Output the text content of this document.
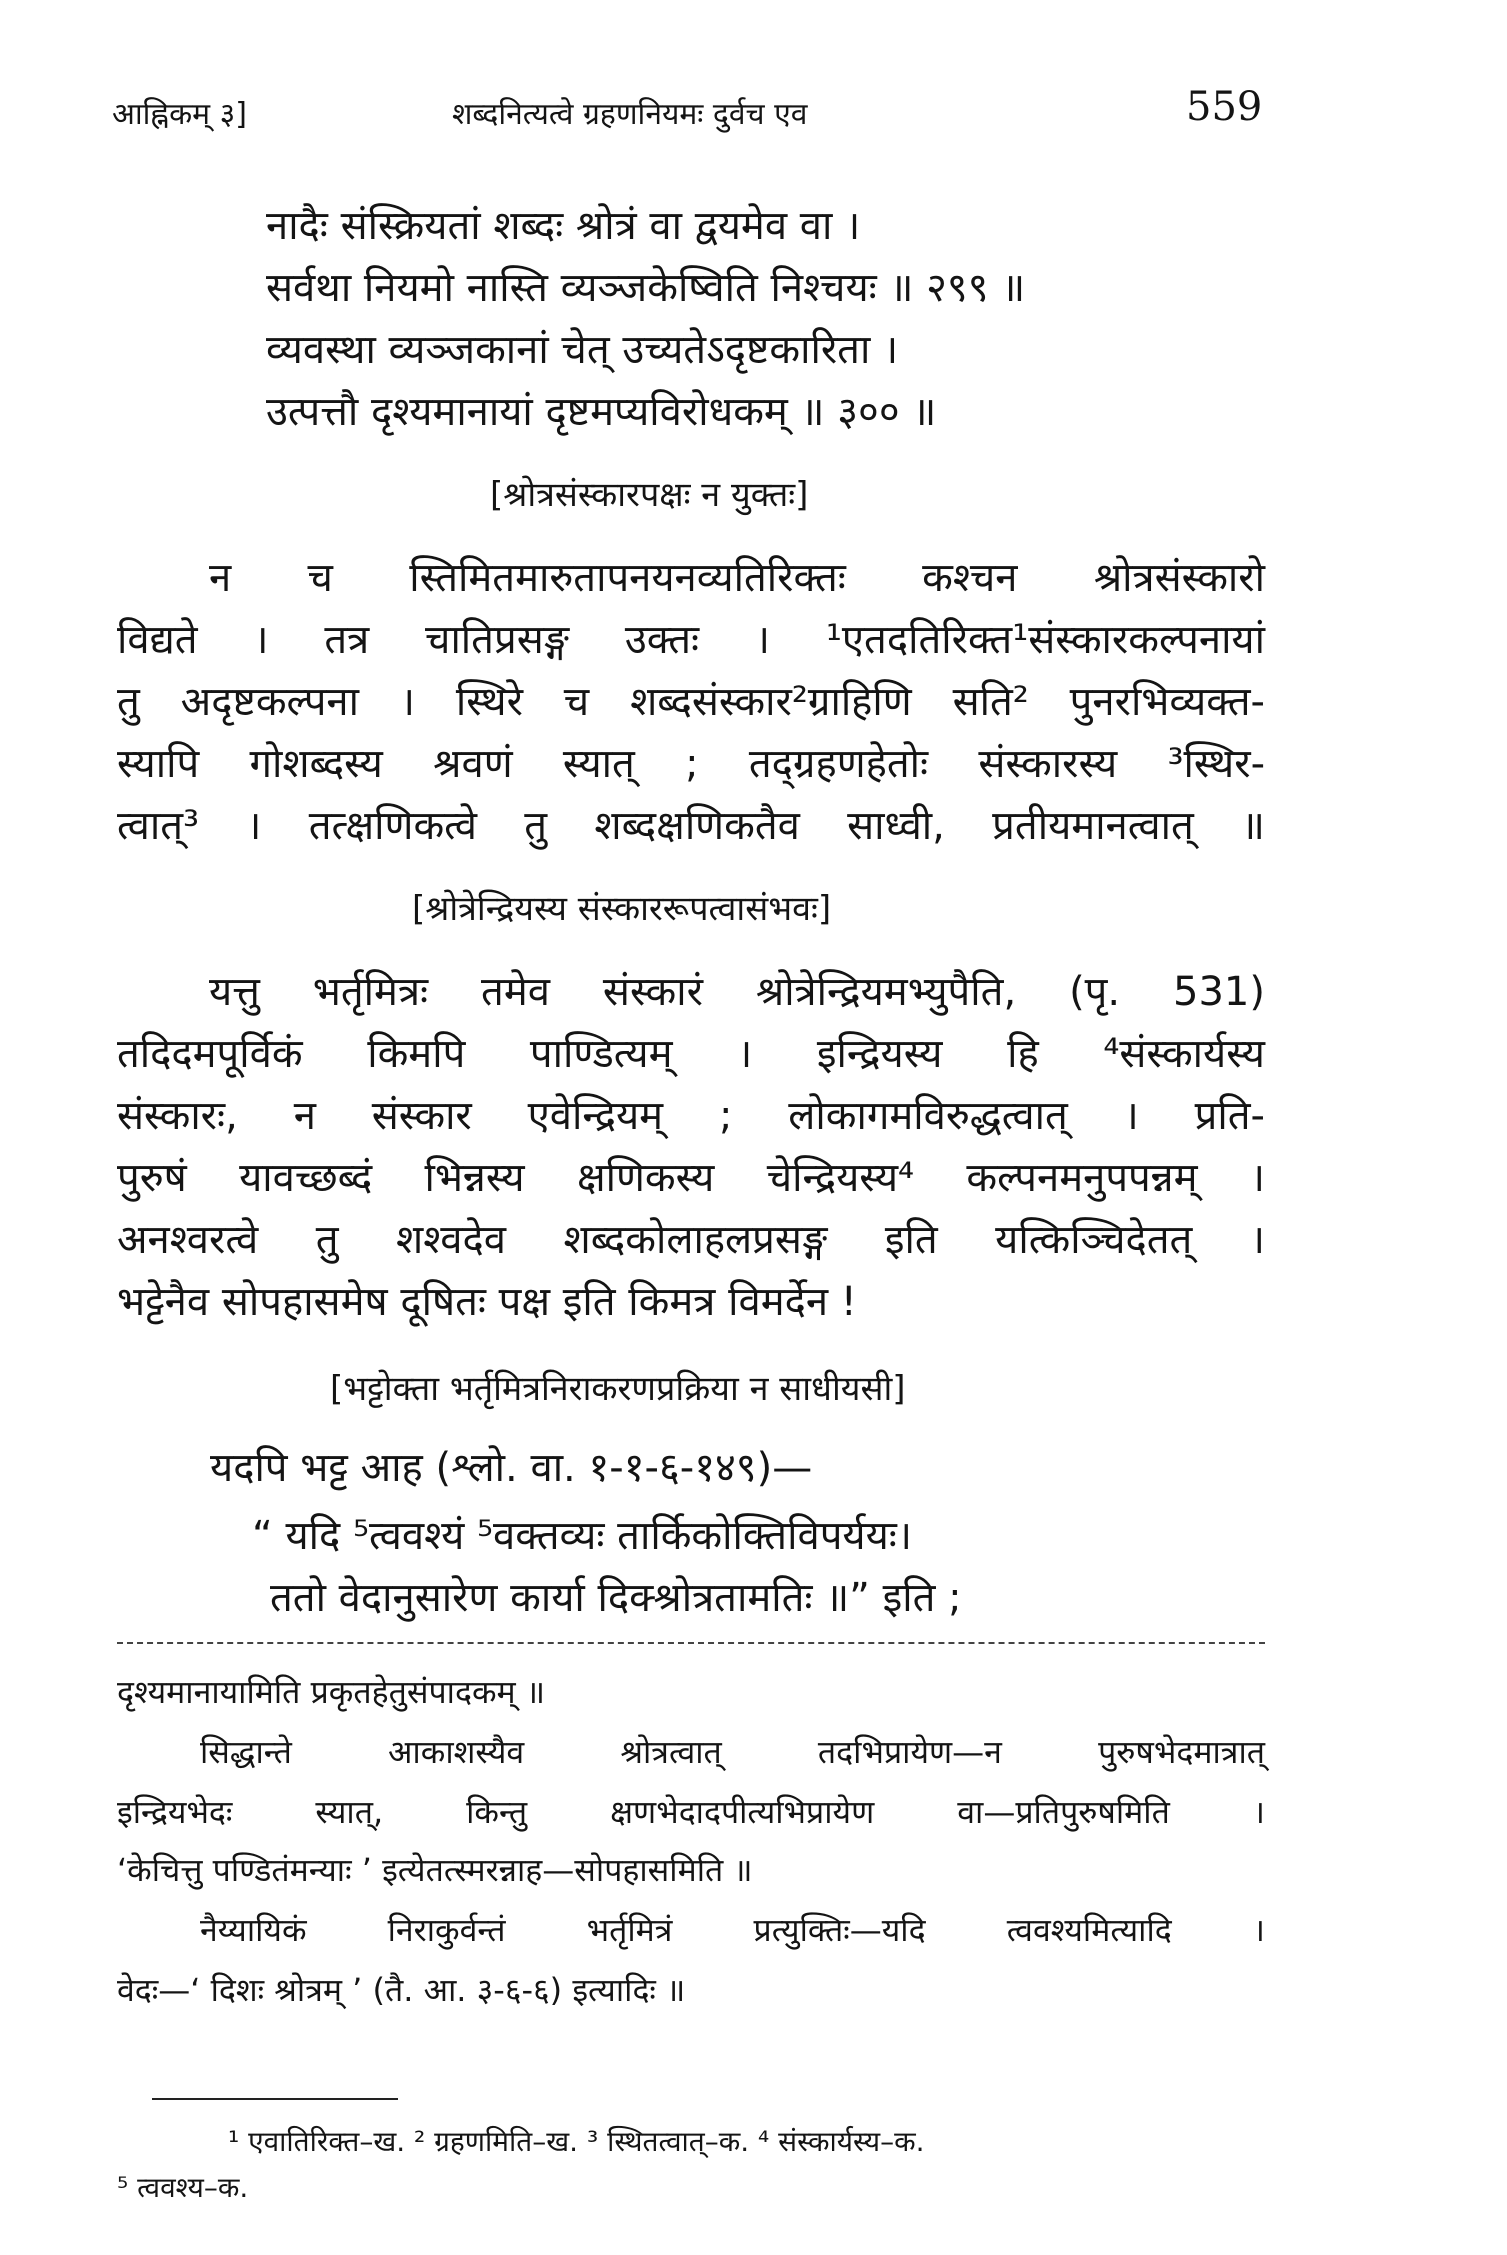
आह्निकम् ३]	शब्दनित्यत्वे ग्रहणनियमः दुर्वच एव	559
नादैः संस्क्रियतां शब्दः श्रोत्रं वा द्वयमेव वा ।
सर्वथा नियमो नास्ति व्यञ्जकेष्विति निश्चयः ॥ २९९ ॥
व्यवस्था व्यञ्जकानां चेत् उच्यतेऽदृष्टकारिता ।
उत्पत्तौ दृश्यमानायां दृष्टमप्यविरोधकम् ॥ ३०० ॥
[श्रोत्रसंस्कारपक्षः न युक्तः]
न च स्तिमितमारुतापनयनव्यतिरिक्तः कश्चन श्रोत्रसंस्कारो
विद्यते । तत्र चातिप्रसङ्ग उक्तः । ¹एतदतिरिक्त¹संस्कारकल्पनायां
तु अदृष्टकल्पना । स्थिरे च शब्दसंस्कार²ग्राहिणि सति² पुनरभिव्यक्त-
स्यापि गोशब्दस्य श्रवणं स्यात् ; तद्ग्रहणहेतोः संस्कारस्य ³स्थिर-
त्वात्³ । तत्क्षणिकत्वे तु शब्दक्षणिकतैव साध्वी, प्रतीयमानत्वात् ॥
[श्रोत्रेन्द्रियस्य संस्काररूपत्वासंभवः]
यत्तु भर्तृमित्रः तमेव संस्कारं श्रोत्रेन्द्रियमभ्युपैति, (पृ. 531)
तदिदमपूर्विकं किमपि पाण्डित्यम् । इन्द्रियस्य हि ⁴संस्कार्यस्य
संस्कारः, न संस्कार एवेन्द्रियम् ; लोकागमविरुद्धत्वात् । प्रति-
पुरुषं यावच्छब्दं भिन्नस्य क्षणिकस्य चेन्द्रियस्य⁴ कल्पनमनुपपन्नम् ।
अनश्वरत्वे तु शश्वदेव शब्दकोलाहलप्रसङ्ग इति यत्किञ्चिदेतत् ।
भट्टेनैव सोपहासमेष दूषितः पक्ष इति किमत्र विमर्देन !
[भट्टोक्ता भर्तृमित्रनिराकरणप्रक्रिया न साधीयसी]
यदपि भट्ट आह (श्लो. वा. १-१-६-१४९)—
“ यदि ⁵त्ववश्यं ⁵वक्तव्यः तार्किकोक्तिविपर्ययः।
ततो वेदानुसारेण कार्या दिक्श्रोत्रतामतिः ॥” इति ;
दृश्यमानायामिति प्रकृतहेतुसंपादकम् ॥
सिद्धान्ते आकाशस्यैव श्रोत्रत्वात् तदभिप्रायेण—न पुरुषभेदमात्रात्
इन्द्रियभेदः स्यात्, किन्तु क्षणभेदादपीत्यभिप्रायेण वा—प्रतिपुरुषमिति ।
‘केचित्तु पण्डितंमन्याः ’ इत्येतत्स्मरन्नाह—सोपहासमिति ॥
नैय्यायिकं निराकुर्वन्तं भर्तृमित्रं प्रत्युक्तिः—यदि त्ववश्यमित्यादि ।
वेदः—‘ दिशः श्रोत्रम् ’ (तै. आ. ३-६-६) इत्यादिः ॥
¹ एवातिरिक्त–ख. ² ग्रहणमिति–ख. ³ स्थितत्वात्–क. ⁴ संस्कार्यस्य–क.
⁵ त्ववश्य–क.
